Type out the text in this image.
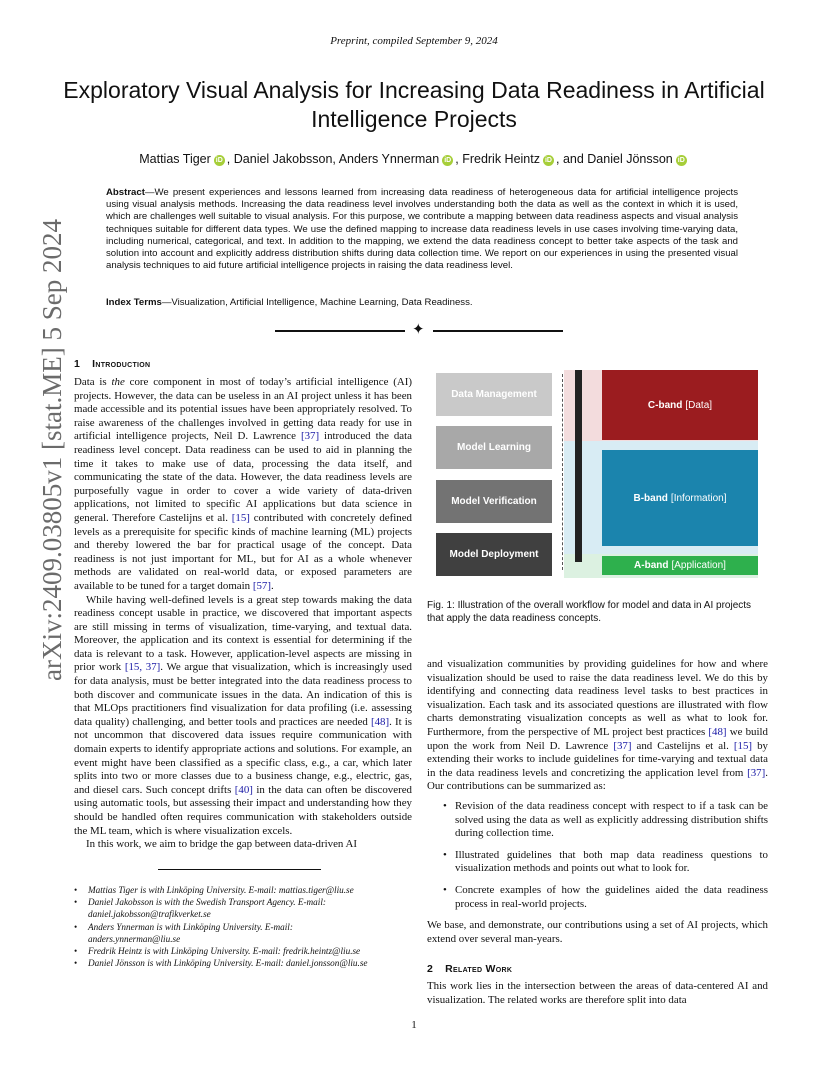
Preprint, compiled September 9, 2024
Exploratory Visual Analysis for Increasing Data Readiness in Artificial Intelligence Projects
Mattias Tiger iD , Daniel Jakobsson, Anders Ynnerman iD , Fredrik Heintz iD , and Daniel Jönsson iD
Abstract—We present experiences and lessons learned from increasing data readiness of heterogeneous data for artificial intelligence projects using visual analysis methods. Increasing the data readiness level involves understanding both the data as well as the context in which it is used, which are challenges well suitable to visual analysis. For this purpose, we contribute a mapping between data readiness aspects and visual analysis techniques suitable for different data types. We use the defined mapping to increase data readiness levels in use cases involving time-varying data, including numerical, categorical, and text. In addition to the mapping, we extend the data readiness concept to better take aspects of the task and solution into account and explicitly address distribution shifts during data collection time. We report on our experiences in using the presented visual analysis techniques to aid future artificial intelligence projects in raising the data readiness level.
Index Terms—Visualization, Artificial Intelligence, Machine Learning, Data Readiness.
✦
arXiv:2409.03805v1 [stat.ME] 5 Sep 2024 1 Introduction

Data is the core component in most of today’s artificial intelligence (AI) projects. However, the data can be useless in an AI project unless it has been made accessible and its potential issues have been appropriately resolved. To raise awareness of the challenges involved in getting data ready for use in artificial intelligence projects, Neil D. Lawrence [37] introduced the data readiness level concept. Data readiness can be used to aid in planning the time it takes to make use of data, processing the data itself, and communicating the state of the data. However, the data readiness levels are purposefully vague in order to cover a wide variety of data-driven applications, not limited to specific AI applications but data science in general. Therefore Castelijns et al. [15] contributed with concretely defined levels as a prerequisite for specific kinds of machine learning (ML) projects and thereby lowered the bar for practical usage of the concept. Data readiness is not just important for ML, but for AI as a whole whenever methods are validated on real-world data, or exposed parameters are available to be tuned for a target domain [57].

While having well-defined levels is a great step towards making the data readiness concept usable in practice, we discovered that important aspects are still missing in terms of visualization, time-varying, and textual data. Moreover, the application and its context is essential for determining if the data is relevant to a task. However, application-level aspects are missing in prior work [15, 37]. We argue that visualization, which is increasingly used for data analysis, must be better integrated into the data readiness process to both discover and communicate issues in the data. An indication of this is that MLOps practitioners find visualization for data profiling (i.e. assessing data quality) challenging, and better tools and practices are needed [48]. It is not uncommon that discovered data issues require communication with domain experts to identify appropriate actions and solutions. For example, an event might have been classified as a specific class, e.g., a car, which later splits into two or more classes due to a business change, e.g., electric, gas, and diesel cars. Such concept drifts [40] in the data can often be discovered using automatic tools, but assessing their impact and understanding how they should be handled often requires communication with stakeholders outside the ML team, which is where visualization excels.

In this work, we aim to bridge the gap between data-driven AI

• Mattias Tiger is with Linköping University. E-mail: mattias.tiger@liu.se
• Daniel Jakobsson is with the Swedish Transport Agency. E-mail:
daniel.jakobsson@trafikverket.se
• Anders Ynnerman is with Linköping University. E-mail:
anders.ynnerman@liu.se
• Fredrik Heintz is with Linköping University. E-mail: fredrik.heintz@liu.se
• Daniel Jönsson is with Linköping University. E-mail: daniel.jonsson@liu.se
Data Management
Model Learning
Model Verification
Model Deployment
C-band [Data]
B-band [Information]
A-band [Application]
Fig. 1: Illustration of the overall workflow for model and data in AI projects that apply the data readiness concepts.

and visualization communities by providing guidelines for how and where visualization should be used to raise the data readiness level. We do this by identifying and connecting data readiness level tasks to best practices in visualization. Each task and its associated questions are illustrated with flow charts demonstrating visualization concepts as well as what to look for. Furthermore, from the perspective of ML project best practices [48] we build upon the work from Neil D. Lawrence [37] and Castelijns et al. [15] by extending their works to include guidelines for time-varying and textual data in the data readiness levels and concretizing the application level from [37]. Our contributions can be summarized as:

• Revision of the data readiness concept with respect to if a task can be solved using the data as well as explicitly addressing distribution shifts during collection time.
• Illustrated guidelines that both map data readiness questions to visualization methods and points out what to look for.
• Concrete examples of how the guidelines aided the data readiness process in real-world projects.

We base, and demonstrate, our contributions using a set of AI projects, which extend over several man-years.

2 Related Work

This work lies in the intersection between the areas of data-centered AI and visualization. The related works are therefore split into data

1
